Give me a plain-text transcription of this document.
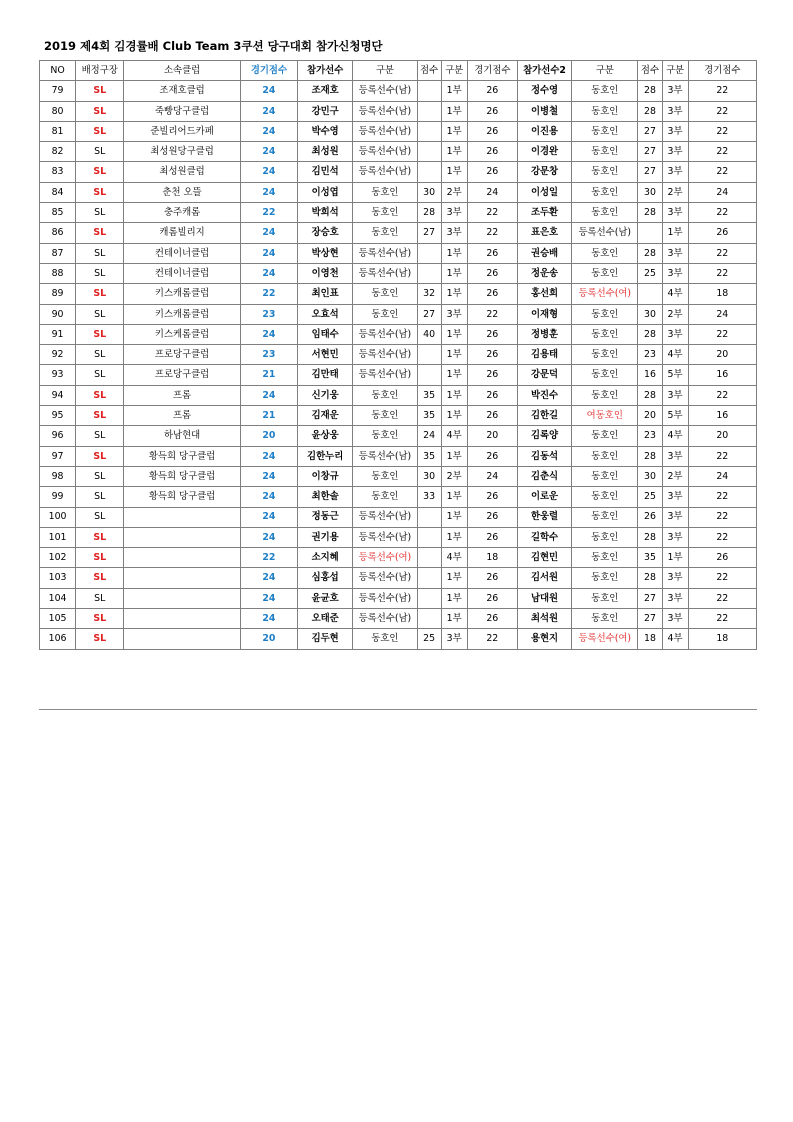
2019 제4회 김경률배 Club Team 3쿠션 당구대회 참가신청명단
NO	배정구장	소속클럽	경기점수	참가선수	구분	점수	구분	경기점수	참가선수2	구분	점수	구분	경기점수
79	SL	조재호클럽	24	조재호	등록선수(남)		1부	26	정수영	동호인	28	3부	22
80	SL	죽빵당구클럽	24	강민구	등록선수(남)		1부	26	이병철	동호인	28	3부	22
81	SL	준빌리어드카페	24	박수영	등록선수(남)		1부	26	이진용	동호인	27	3부	22
82	SL	최성원당구클럽	24	최성원	등록선수(남)		1부	26	이경완	동호인	27	3부	22
83	SL	최성원클럽	24	김민석	등록선수(남)		1부	26	강문창	동호인	27	3부	22
84	SL	춘천 오뜰	24	이성엽	동호인	30	2부	24	이성일	동호인	30	2부	24
85	SL	충주캐롬	22	박희석	동호인	28	3부	22	조두환	동호인	28	3부	22
86	SL	캐롬빌리지	24	장승호	동호인	27	3부	22	표은호	등록선수(남)		1부	26
87	SL	컨테이너클럽	24	박상현	등록선수(남)		1부	26	권승배	동호인	28	3부	22
88	SL	컨테이너클럽	24	이영천	등록선수(남)		1부	26	정운송	동호인	25	3부	22
89	SL	키스캐롬클럽	22	최인표	동호인	32	1부	26	홍선희	등록선수(여)		4부	18
90	SL	키스캐롬클럽	23	오효석	동호인	27	3부	22	이재형	동호인	30	2부	24
91	SL	키스케롬클럽	24	임태수	등록선수(남)	40	1부	26	정병훈	동호인	28	3부	22
92	SL	프로당구클럽	23	서현민	등록선수(남)		1부	26	김용태	동호인	23	4부	20
93	SL	프로당구클럽	21	김만태	등록선수(남)		1부	26	강문덕	동호인	16	5부	16
94	SL	프롬	24	신기웅	동호인	35	1부	26	박진수	동호인	28	3부	22
95	SL	프롬	21	김재운	동호인	35	1부	26	김한길	여동호인	20	5부	16
96	SL	하남현대	20	윤상웅	동호인	24	4부	20	김록양	동호인	23	4부	20
97	SL	황득희 당구클럽	24	김한누리	등록선수(남)	35	1부	26	김동석	동호인	28	3부	22
98	SL	황득희 당구클럽	24	이창규	동호인	30	2부	24	김춘식	동호인	30	2부	24
99	SL	황득희 당구클럽	24	최한솔	동호인	33	1부	26	이로운	동호인	25	3부	22
100	SL		24	정동근	등록선수(남)		1부	26	한웅렬	동호인	26	3부	22
101	SL		24	권기용	등록선수(남)		1부	26	길학수	동호인	28	3부	22
102	SL		22	소지혜	등록선수(여)		4부	18	김현민	동호인	35	1부	26
103	SL		24	심홍섭	등록선수(남)		1부	26	김서원	동호인	28	3부	22
104	SL		24	윤균호	등록선수(남)		1부	26	남대원	동호인	27	3부	22
105	SL		24	오태준	등록선수(남)		1부	26	최석원	동호인	27	3부	22
106	SL		20	김두현	동호인	25	3부	22	용현지	등록선수(여)	18	4부	18
